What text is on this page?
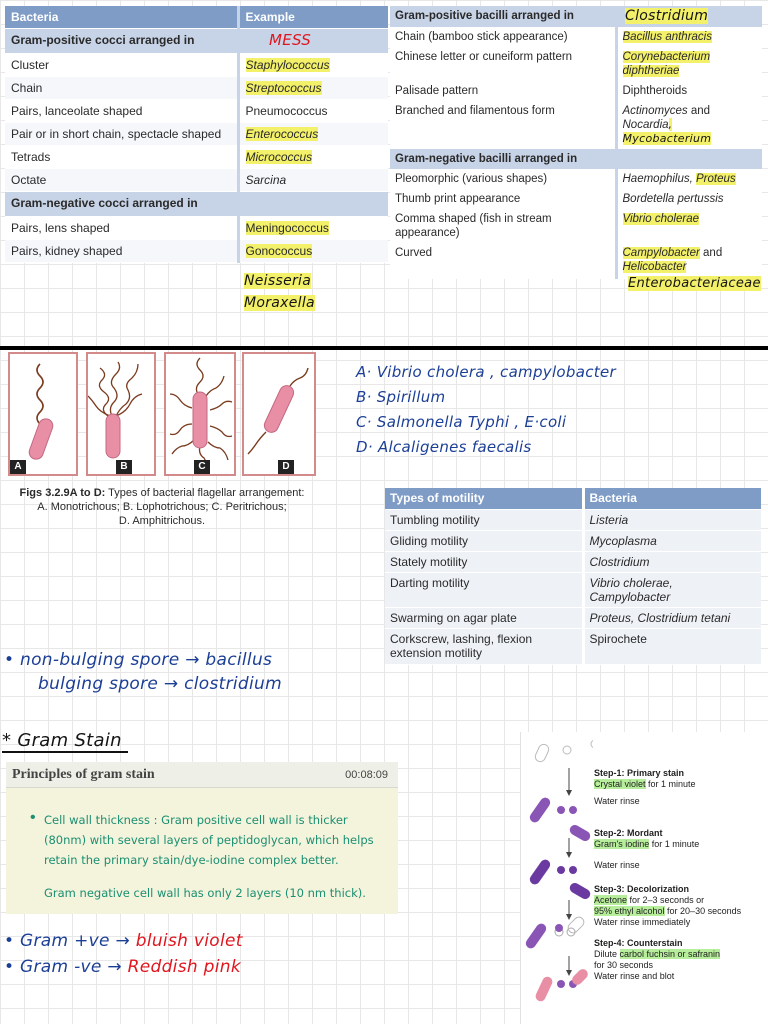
Bacteria	Example
Gram-positive cocci arranged in	MESS
Cluster	Staphylococcus
Chain	Streptococcus
Pairs, lanceolate shaped	Pneumococcus
Pair or in short chain, spectacle shaped	Enterococcus
Tetrads	Micrococcus
Octate	Sarcina
Gram-negative cocci arranged in	
Pairs, lens shaped	Meningococcus
Pairs, kidney shaped	Gonococcus
Neisseria
Moraxella
Gram-positive bacilli arranged in	Clostridium
Chain (bamboo stick appearance)	Bacillus anthracis
Chinese letter or cuneiform pattern	Corynebacterium diphtheriae
Palisade pattern	Diphtheroids
Branched and filamentous form	Actinomyces and
Nocardia, Mycobacterium
Gram-negative bacilli arranged in	
Pleomorphic (various shapes)	Haemophilus, Proteus
Thumb print appearance	Bordetella pertussis
Comma shaped (fish in stream appearance)	Vibrio cholerae
Curved	Campylobacter and
Helicobacter
Enterobacteriaceae
A	B	C	D
Figs 3.2.9A to D: Types of bacterial flagellar arrangement:
A. Monotrichous; B. Lophotrichous; C. Peritrichous;
D. Amphitrichous.
A· Vibrio cholera , campylobacter
B· Spirillum
C· Salmonella Typhi , E·coli
D· Alcaligenes faecalis
Types of motility	Bacteria
Tumbling motility	Listeria
Gliding motility	Mycoplasma
Stately motility	Clostridium
Darting motility	Vibrio cholerae, Campylobacter
Swarming on agar plate	Proteus, Clostridium tetani
Corkscrew, lashing, flexion extension motility	Spirochete
• non-bulging spore → bacillus
bulging spore → clostridium
* Gram Stain
Principles of gram stain	00:08:09
• Cell wall thickness : Gram positive cell wall is thicker (80nm) with several layers of peptidoglycan, which helps retain the primary stain/dye-iodine complex better.
Gram negative cell wall has only 2 layers (10 nm thick).
• Gram +ve → bluish violet
• Gram -ve → Reddish pink
Step-1: Primary stain
Crystal violet for 1 minute
Water rinse
Step-2: Mordant
Gram's iodine for 1 minute
Water rinse
Step-3: Decolorization
Acetone for 2–3 seconds or
95% ethyl alcohol for 20–30 seconds
Water rinse immediately
Step-4: Counterstain
Dilute carbol fuchsin or safranin
for 30 seconds
Water rinse and blot
